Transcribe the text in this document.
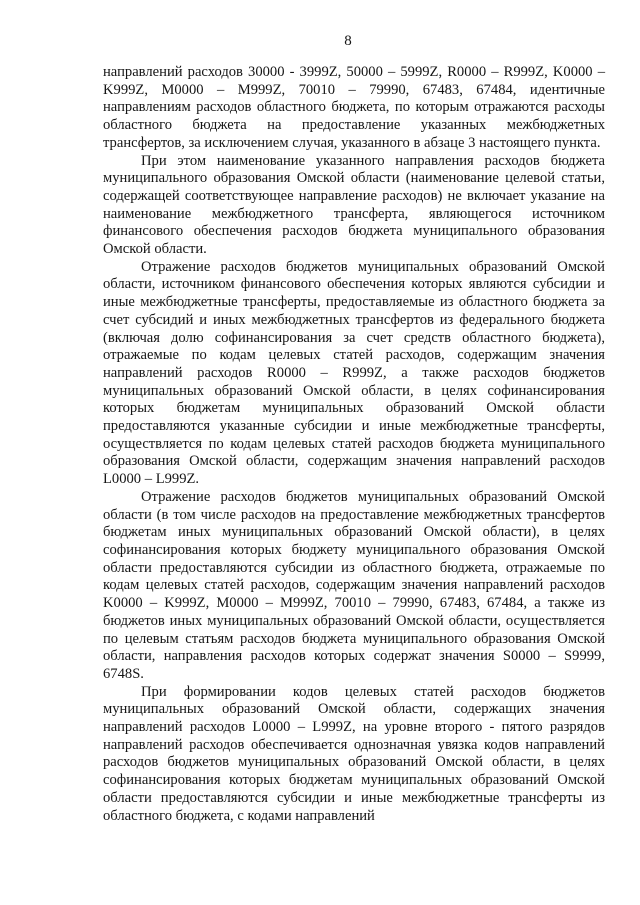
8

направлений расходов 30000 - 3999Z, 50000 – 5999Z, R0000 – R999Z, K0000 – K999Z, M0000 – M999Z, 70010 – 79990, 67483, 67484, идентичные направлениям расходов областного бюджета, по которым отражаются расходы областного бюджета на предоставление указанных межбюджетных трансфертов, за исключением случая, указанного в абзаце 3 настоящего пункта.

При этом наименование указанного направления расходов бюджета муниципального образования Омской области (наименование целевой статьи, содержащей соответствующее направление расходов) не включает указание на наименование межбюджетного трансферта, являющегося источником финансового обеспечения расходов бюджета муниципального образования Омской области.

Отражение расходов бюджетов муниципальных образований Омской области, источником финансового обеспечения которых являются субсидии и иные межбюджетные трансферты, предоставляемые из областного бюджета за счет субсидий и иных межбюджетных трансфертов из федерального бюджета (включая долю софинансирования за счет средств областного бюджета), отражаемые по кодам целевых статей расходов, содержащим значения направлений расходов R0000 – R999Z, а также расходов бюджетов муниципальных образований Омской области, в целях софинансирования которых бюджетам муниципальных образований Омской области предоставляются указанные субсидии и иные межбюджетные трансферты, осуществляется по кодам целевых статей расходов бюджета муниципального образования Омской области, содержащим значения направлений расходов L0000 – L999Z.

Отражение расходов бюджетов муниципальных образований Омской области (в том числе расходов на предоставление межбюджетных трансфертов бюджетам иных муниципальных образований Омской области), в целях софинансирования которых бюджету муниципального образования Омской области предоставляются субсидии из областного бюджета, отражаемые по кодам целевых статей расходов, содержащим значения направлений расходов K0000 – K999Z, M0000 – M999Z, 70010 – 79990, 67483, 67484, а также из бюджетов иных муниципальных образований Омской области, осуществляется по целевым статьям расходов бюджета муниципального образования Омской области, направления расходов которых содержат значения S0000 – S9999, 6748S.

При формировании кодов целевых статей расходов бюджетов муниципальных образований Омской области, содержащих значения направлений расходов L0000 – L999Z, на уровне второго - пятого разрядов направлений расходов обеспечивается однозначная увязка кодов направлений расходов бюджетов муниципальных образований Омской области, в целях софинансирования которых бюджетам муниципальных образований Омской области предоставляются субсидии и иные межбюджетные трансферты из областного бюджета, с кодами направлений
